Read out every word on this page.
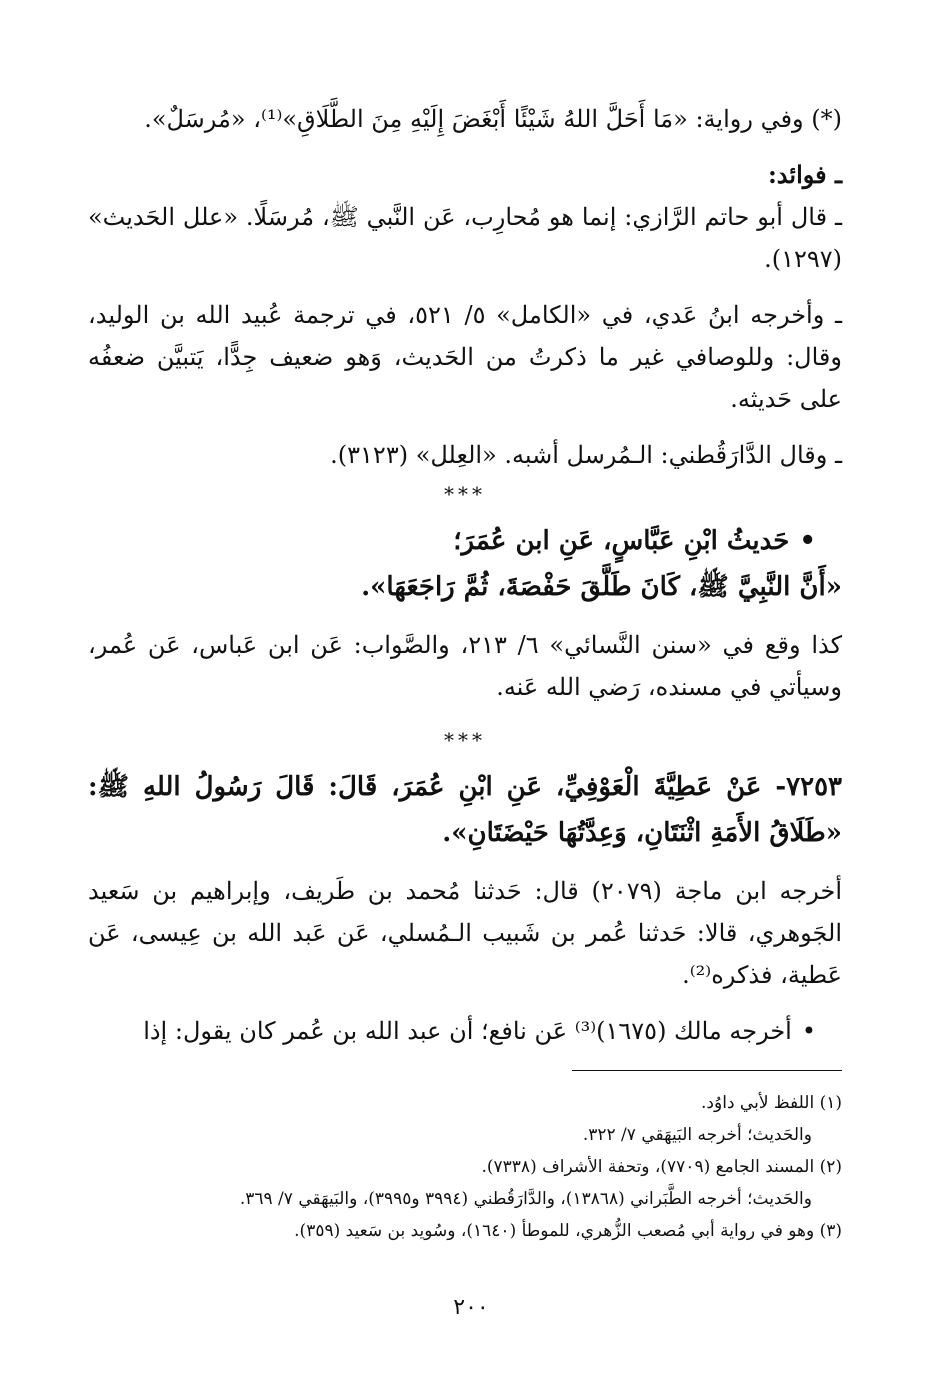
(*) وفي رواية: «مَا أَحَلَّ اللهُ شَيْئًا أَبْغَضَ إِلَيْهِ مِنَ الطَّلَاقِ»⁽¹⁾، «مُرسَلٌ».

ـ فوائد:

ـ قال أبو حاتم الرَّازي: إنما هو مُحارِب، عَن النَّبي ﷺ، مُرسَلًا. «علل الحَديث» (١٢٩٧).

ـ وأخرجه ابنُ عَدي، في «الكامل» ٥/ ٥٢١، في ترجمة عُبيد الله بن الوليد، وقال: وللوصافي غير ما ذكرتُ من الحَديث، وَهو ضعيف جِدًّا، يَتبيَّن ضعفُه على حَديثه.

ـ وقال الدَّارَقُطني: الـمُرسل أشبه. «العِلل» (٣١٢٣).

***

• حَديثُ ابْنِ عَبَّاسٍ، عَنِ ابن عُمَرَ؛

«أَنَّ النَّبِيَّ ﷺ، كَانَ طَلَّقَ حَفْصَةَ، ثُمَّ رَاجَعَهَا».

كذا وقع في «سنن النَّسائي» ٦/ ٢١٣، والصَّواب: عَن ابن عَباس، عَن عُمر، وسيأتي في مسنده، رَضي الله عَنه.

***

٧٢٥٣- عَنْ عَطِيَّةَ الْعَوْفِيِّ، عَنِ ابْنِ عُمَرَ، قَالَ: قَالَ رَسُولُ اللهِ ﷺ: «طَلَاقُ الأَمَةِ اثْنَتَانِ، وَعِدَّتُهَا حَيْضَتَانِ».

أخرجه ابن ماجة (٢٠٧٩) قال: حَدثنا مُحمد بن طَريف، وإبراهيم بن سَعيد الجَوهري، قالا: حَدثنا عُمر بن شَبيب الـمُسلي، عَن عَبد الله بن عِيسى، عَن عَطية، فذكره⁽²⁾.

• أخرجه مالك (١٦٧٥)⁽³⁾ عَن نافع؛ أن عبد الله بن عُمر كان يقول: إذا

(١) اللفظ لأبي داوُد.

والحَديث؛ أخرجه البَيهَقي ٧/ ٣٢٢.

(٢) المسند الجامع (٧٧٠٩)، وتحفة الأشراف (٧٣٣٨).

والحَديث؛ أخرجه الطَّبَراني (١٣٨٦٨)، والدَّارَقُطني (٣٩٩٤ و٣٩٩٥)، والبَيهَقي ٧/ ٣٦٩.

(٣) وهو في رواية أبي مُصعب الزُّهري، للموطأ (١٦٤٠)، وسُويد بن سَعيد (٣٥٩).

٢٠٠
